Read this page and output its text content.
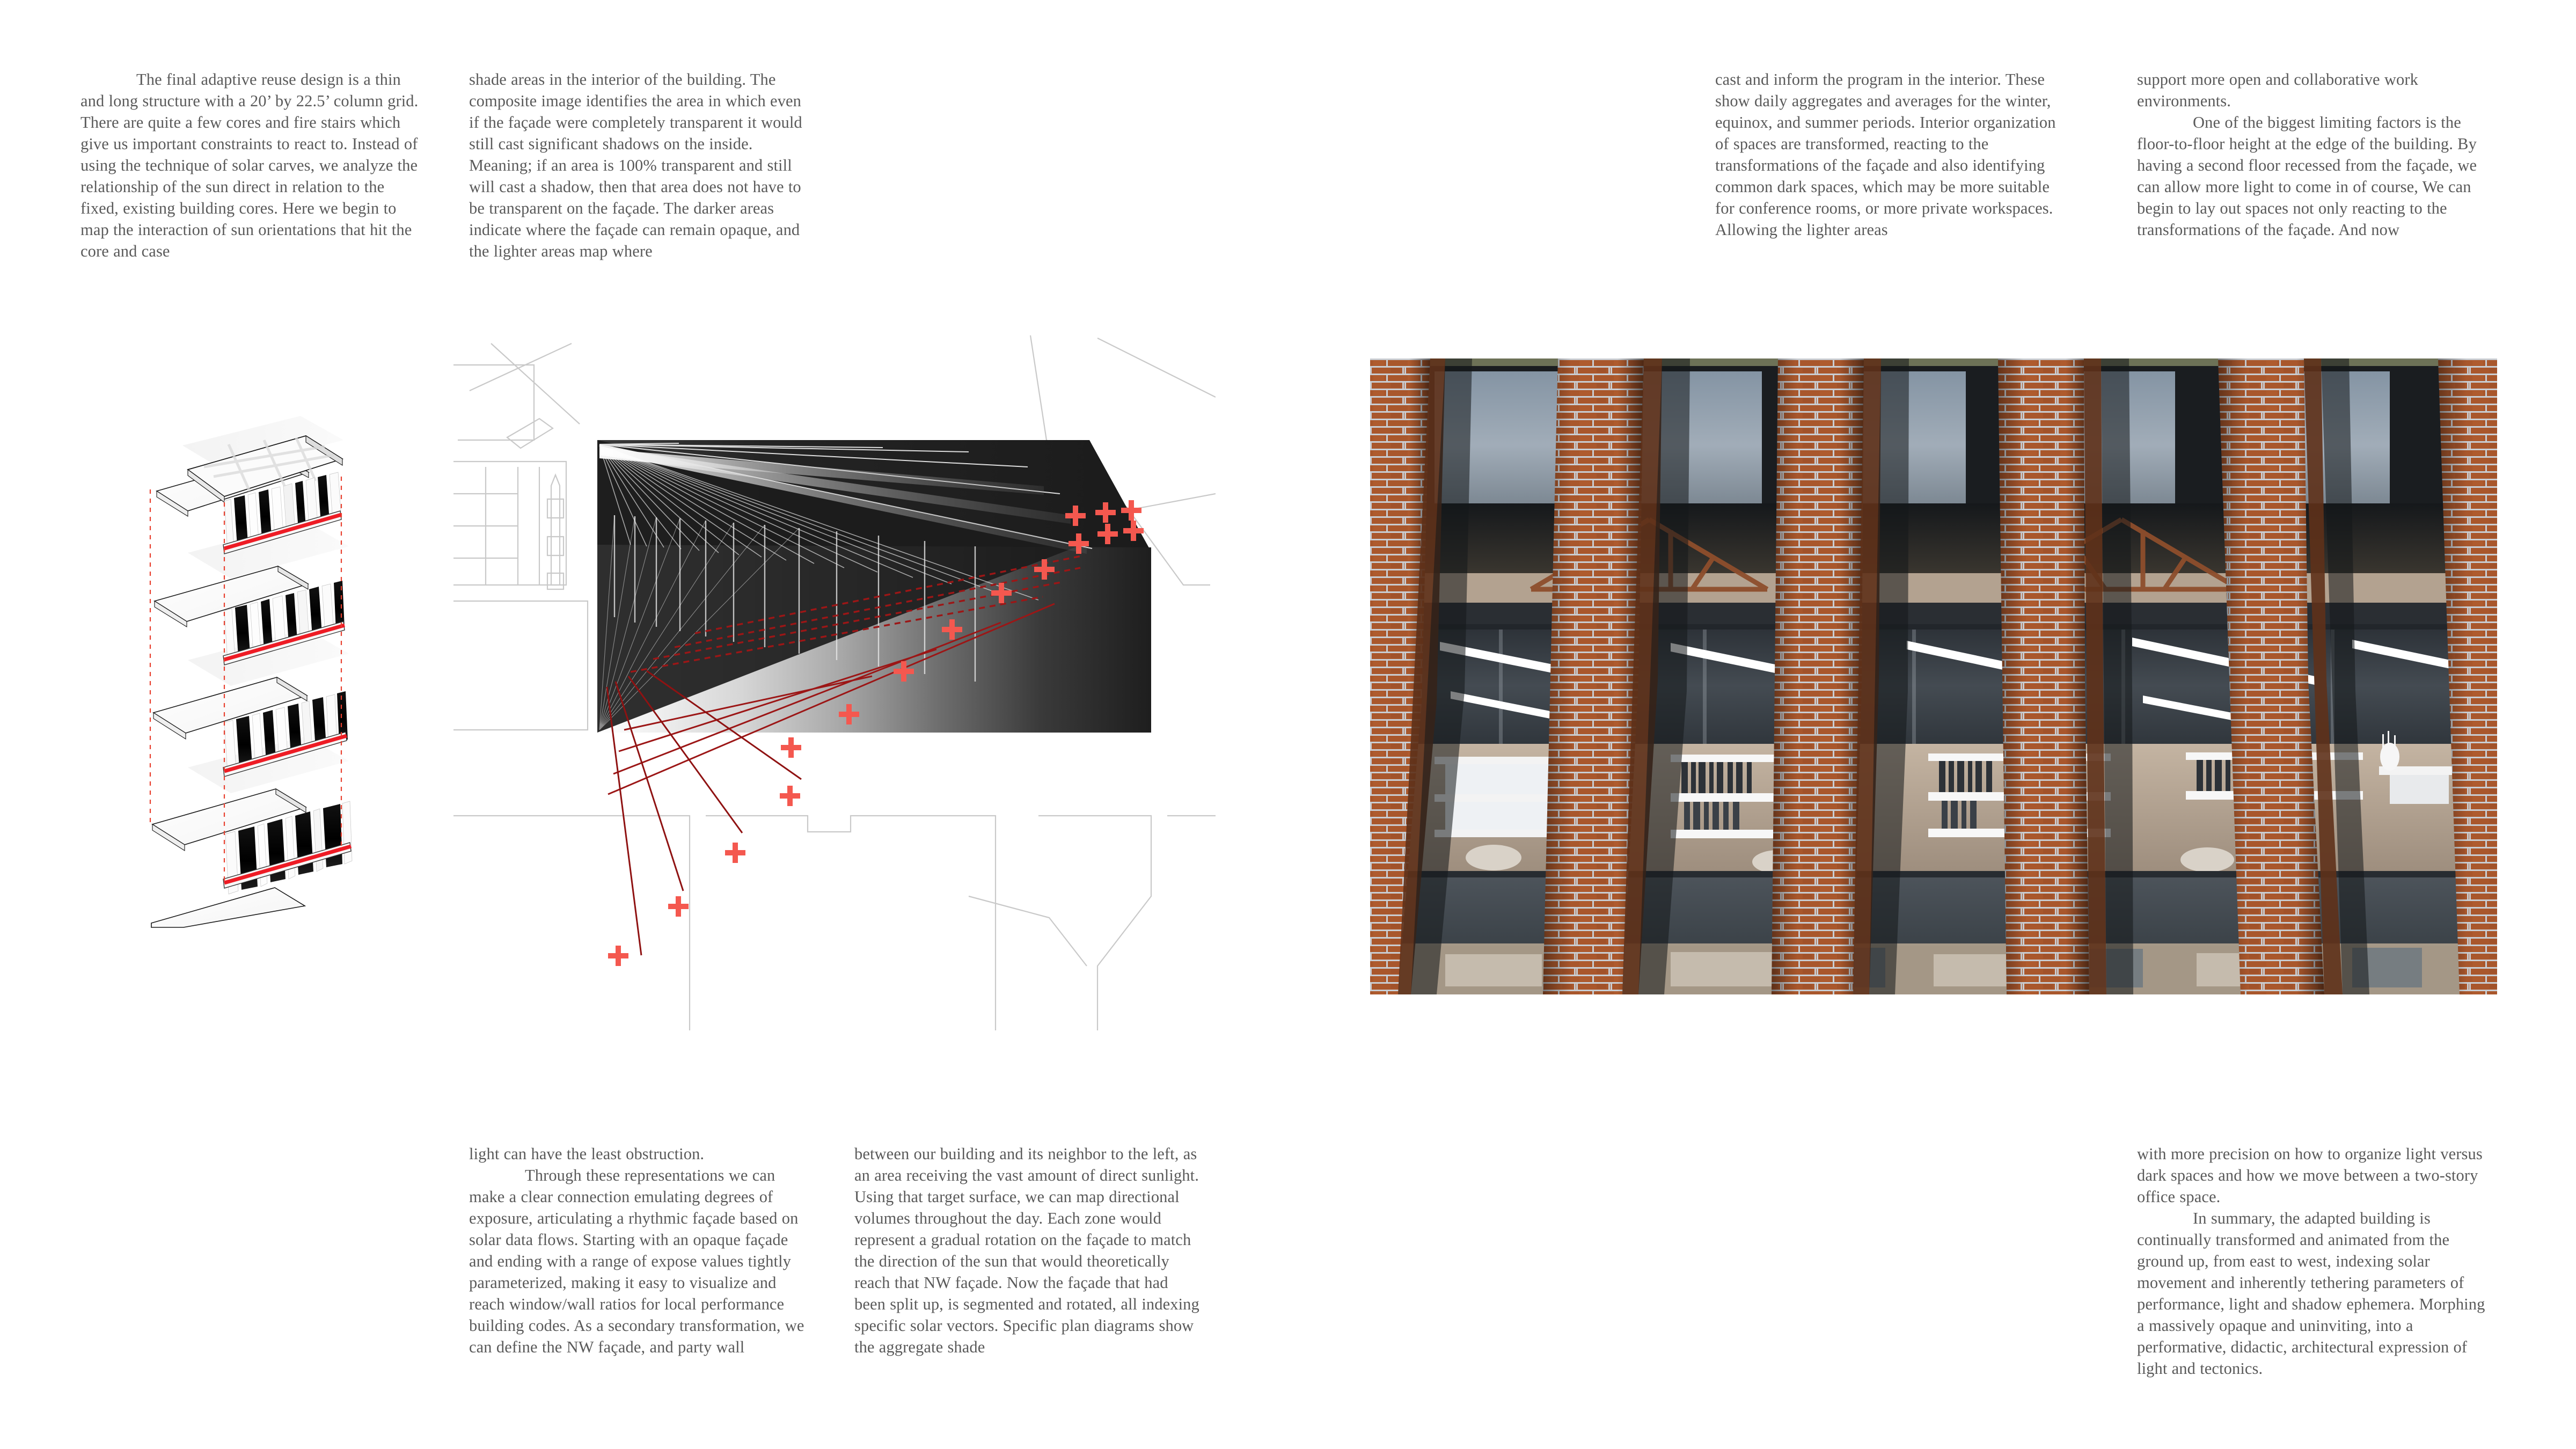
The final adaptive reuse design is a thin and long structure with a 20’ by 22.5’ column grid. There are quite a few cores and fire stairs which give us important constraints to react to. Instead of using the technique of solar carves, we analyze the relationship of the sun direct in relation to the fixed, existing building cores. Here we begin to map the interaction of sun orientations that hit the core and case

shade areas in the interior of the building. The composite image identifies the area in which even if the façade were completely transparent it would still cast significant shadows on the inside. Meaning; if an area is 100% transparent and still will cast a shadow, then that area does not have to be transparent on the façade. The darker areas indicate where the façade can remain opaque, and the lighter areas map where

cast and inform the program in the interior. These show daily aggregates and averages for the winter, equinox, and summer periods. Interior organization of spaces are transformed, reacting to the transformations of the façade and also identifying common dark spaces, which may be more suitable for conference rooms, or more private workspaces. Allowing the lighter areas

support more open and collaborative work environments.

One of the biggest limiting factors is the floor-to-floor height at the edge of the building. By having a second floor recessed from the façade, we can allow more light to come in of course, We can begin to lay out spaces not only reacting to the transformations of the façade. And now

light can have the least obstruction.

Through these representations we can make a clear connection emulating degrees of exposure, articulating a rhythmic façade based on solar data flows. Starting with an opaque façade and ending with a range of expose values tightly parameterized, making it easy to visualize and reach window/wall ratios for local performance building codes. As a secondary transformation, we can define the NW façade, and party wall

between our building and its neighbor to the left, as an area receiving the vast amount of direct sunlight. Using that target surface, we can map directional volumes throughout the day. Each zone would represent a gradual rotation on the façade to match the direction of the sun that would theoretically reach that NW façade. Now the façade that had been split up, is segmented and rotated, all indexing specific solar vectors. Specific plan diagrams show the aggregate shade

with more precision on how to organize light versus dark spaces and how we move between a two-story office space.

In summary, the adapted building is continually transformed and animated from the ground up, from east to west, indexing solar movement and inherently tethering parameters of performance, light and shadow ephemera. Morphing a massively opaque and uninviting, into a performative, didactic, architectural expression of light and tectonics.
